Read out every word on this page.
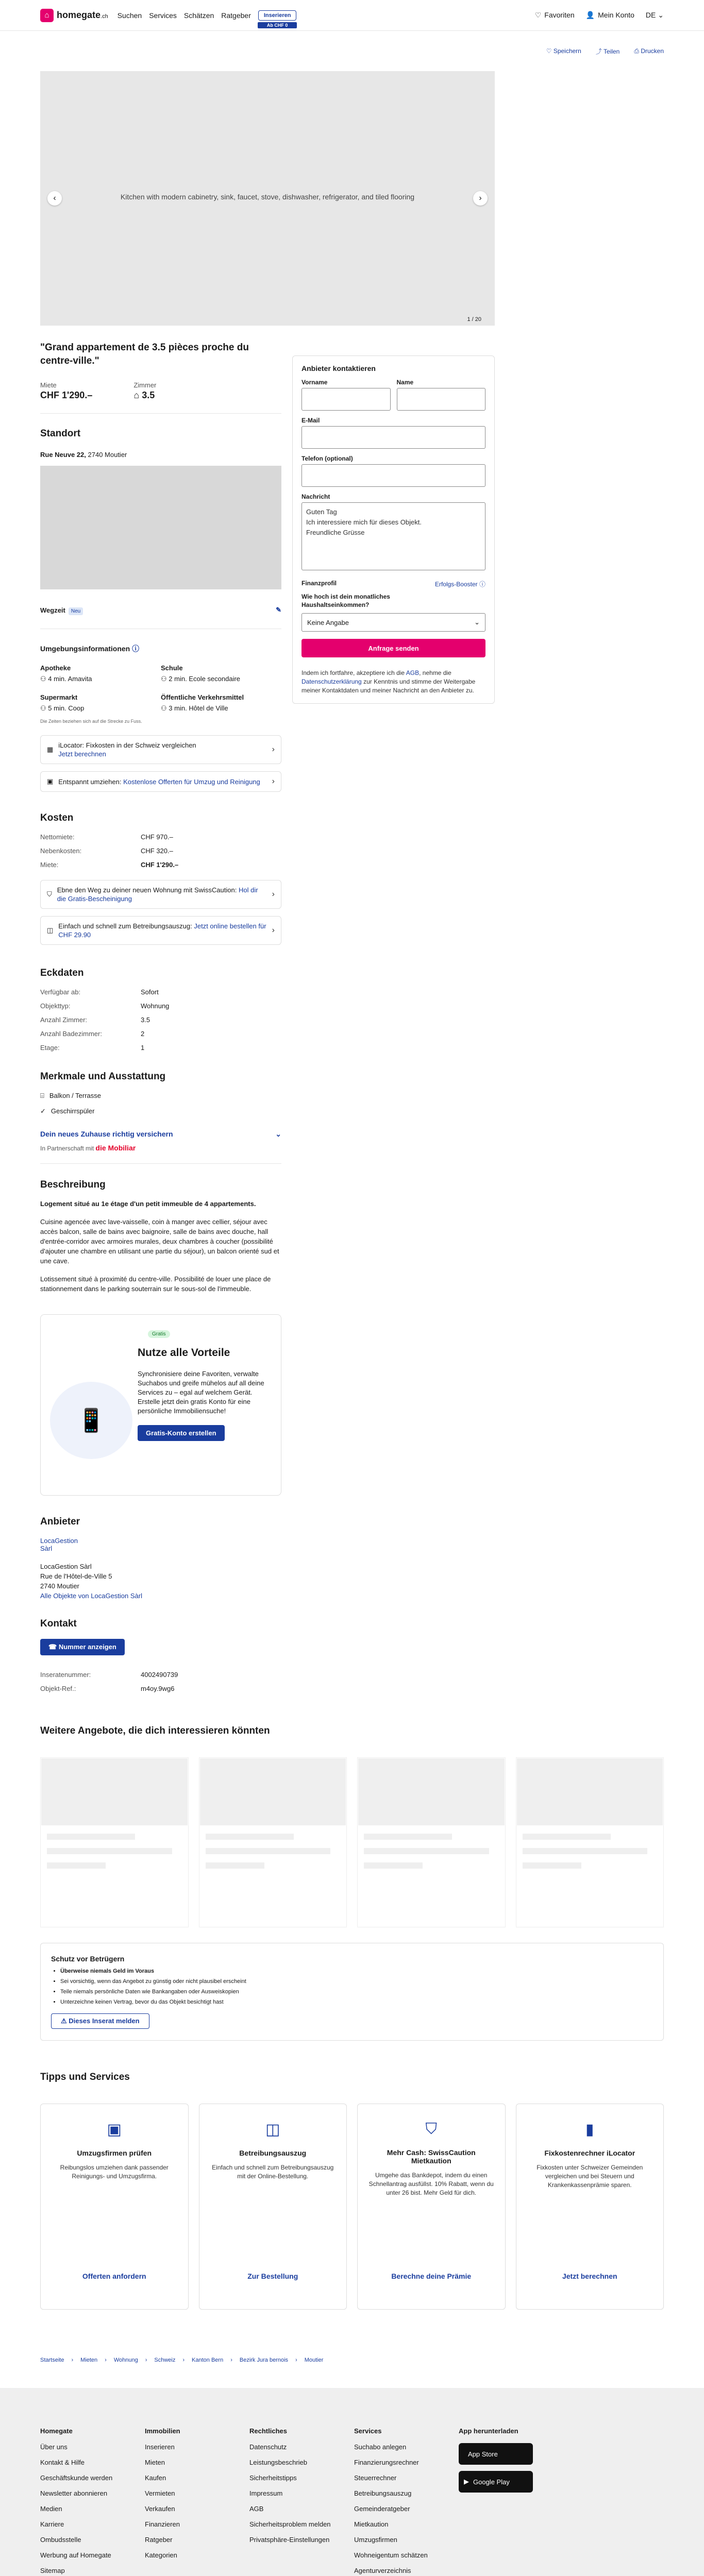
⌂ homegate.ch Suchen Services Schätzen Ratgeber	Inserieren
Ab CHF 0
♡ Favoriten 👤 Mein Konto DE ⌄
♡ Speichern ⤴ Teilen ⎙ Drucken
Kitchen with modern cabinetry, sink, faucet, stove, dishwasher, refrigerator, and tiled flooring
‹	›
1 / 20
"Grand appartement de 3.5 pièces proche du centre-ville."
Miete
CHF 1'290.–
Zimmer
⌂ 3.5
Standort
Rue Neuve 22, 2740 Moutier
Wegzeit Neu	✎
Umgebungsinformationen ⓘ
Apotheke
⚇ 4 min. Amavita
Schule
⚇ 2 min. Ecole secondaire
Supermarkt
⚇ 5 min. Coop
Öffentliche Verkehrsmittel
⚇ 3 min. Hôtel de Ville
Die Zeiten beziehen sich auf die Strecke zu Fuss.
▦
iLocator: Fixkosten in der Schweiz vergleichen
Jetzt berechnen
›
▣ Entspannt umziehen: Kostenlose Offerten für Umzug und Reinigung	›
Kosten
Nettomiete:	CHF 970.–
Nebenkosten:	CHF 320.–
Miete:	CHF 1'290.–
⛉
Ebne den Weg zu deiner neuen Wohnung mit SwissCaution: Hol dir die Gratis-Bescheinigung
›
◫
Einfach und schnell zum Betreibungsauszug: Jetzt online bestellen für CHF 29.90
›
Eckdaten
Verfügbar ab:	Sofort
Objekttyp:	Wohnung
Anzahl Zimmer:	3.5
Anzahl Badezimmer:	2
Etage:	1
Merkmale und Ausstattung
⌸ Balkon / Terrasse
✓ Geschirrspüler
Dein neues Zuhause richtig versichern	⌄
In Partnerschaft mit die Mobiliar
Beschreibung

Logement situé au 1e étage d'un petit immeuble de 4 appartements.

Cuisine agencée avec lave-vaisselle, coin à manger avec cellier, séjour avec accès balcon, salle de bains avec baignoire, salle de bains avec douche, hall d'entrée-corridor avec armoires murales, deux chambres à coucher (possibilité d'ajouter une chambre en utilisant une partie du séjour), un balcon orienté sud et une cave.

Lotissement situé à proximité du centre-ville. Possibilité de louer une place de stationnement dans le parking souterrain sur le sous-sol de l'immeuble.

Gratis
📱
Nutze alle Vorteile
Synchronisiere deine Favoriten, verwalte Suchabos und greife mühelos auf all deine Services zu – egal auf welchem Gerät. Erstelle jetzt dein gratis Konto für eine persönliche Immobiliensuche!
Gratis-Konto erstellen
Anbieter
LocaGestion Sàrl
LocaGestion Sàrl
Rue de l'Hôtel-de-Ville 5
2740 Moutier
Alle Objekte von LocaGestion Sàrl
Kontakt
☎ Nummer anzeigen
Inseratenummer:	4002490739
Objekt-Ref.:	m4oy.9wg6
Anbieter kontaktieren
Vorname	Name
E-Mail
Telefon (optional)
Nachricht
Guten Tag
Ich interessiere mich für dieses Objekt.
Freundliche Grüsse
Finanzprofil	Erfolgs-Booster ⓘ
Wie hoch ist dein monatliches Haushaltseinkommen?
Keine Angabe	⌄
Anfrage senden
Indem ich fortfahre, akzeptiere ich die AGB, nehme die Datenschutzerklärung zur Kenntnis und stimme der Weitergabe meiner Kontaktdaten und meiner Nachricht an den Anbieter zu.
Weitere Angebote, die dich interessieren könnten
Schutz vor Betrügern
• Überweise niemals Geld im Voraus
• Sei vorsichtig, wenn das Angebot zu günstig oder nicht plausibel erscheint
• Teile niemals persönliche Daten wie Bankangaben oder Ausweiskopien
• Unterzeichne keinen Vertrag, bevor du das Objekt besichtigt hast
⚠ Dieses Inserat melden
Tipps und Services
▣
Umzugsfirmen prüfen
Reibungslos umziehen dank passender Reinigungs- und Umzugsfirma.
Offerten anfordern
◫
Betreibungsauszug
Einfach und schnell zum Betreibungsauszug mit der Online-Bestellung.
Zur Bestellung
⛉
Mehr Cash: SwissCaution Mietkaution
Umgehe das Bankdepot, indem du einen Schnellantrag ausfüllst. 10% Rabatt, wenn du unter 26 bist. Mehr Geld für dich.
Berechne deine Prämie
▮
Fixkostenrechner iLocator
Fixkosten unter Schweizer Gemeinden vergleichen und bei Steuern und Krankenkassenprämie sparen.
Jetzt berechnen
Startseite › Mieten › Wohnung › Schweiz › Kanton Bern › Bezirk Jura bernois › Moutier
Homegate
Über uns
Kontakt & Hilfe
Geschäftskunde werden
Newsletter abonnieren
Medien
Karriere
Ombudsstelle
Werbung auf Homegate
Sitemap
Immobilien
Inserieren
Mieten
Kaufen
Vermieten
Verkaufen
Finanzieren
Ratgeber
Kategorien
Rechtliches
Datenschutz
Leistungsbeschrieb
Sicherheitstipps
Impressum
AGB
Sicherheitsproblem melden
Privatsphäre-Einstellungen
Services
Suchabo anlegen
Finanzierungsrechner
Steuerrechner
Betreibungsauszug
Gemeinderatgeber
Mietkaution
Umzugsfirmen
Wohneigentum schätzen
Agenturverzeichnis
App herunterladen
App Store
▶ Google Play
